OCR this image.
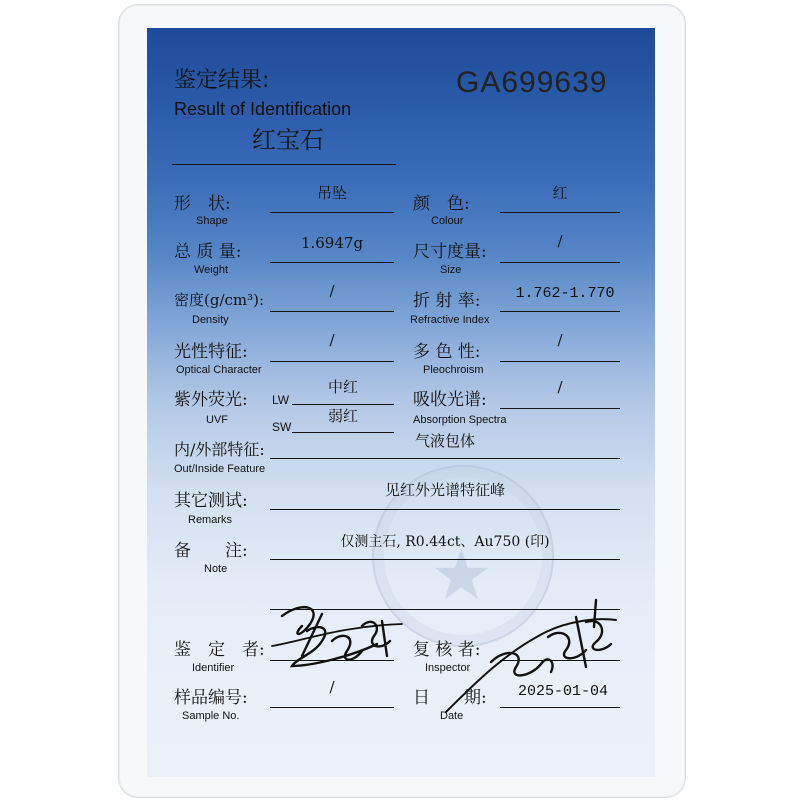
鉴定结果:
Result of Identification
GA699639
红宝石
★
形　状:
Shape
吊坠
颜　色:
Colour
红
总 质 量:
Weight
1.6947g	尺寸度量:
Size
/
密度(g/cm³):
Density
/	折 射 率:
Refractive Index
1.762-1.770
光性特征:
Optical Character
/
多 色 性:
Pleochroism
/
紫外荧光:
UVF
LW
中红
SW
弱红
吸收光谱:
Absorption Spectra
/
内/外部特征:
Out/Inside Feature
气液包体
其它测试:
Remarks
见红外光谱特征峰
备　　注:
Note
仅测主石, R0.44ct、Au750 (印)
鉴　定　者:
Identifier
复 核 者:
Inspector
样品编号:
Sample No.
/
日　　期:
Date
2025-01-04
